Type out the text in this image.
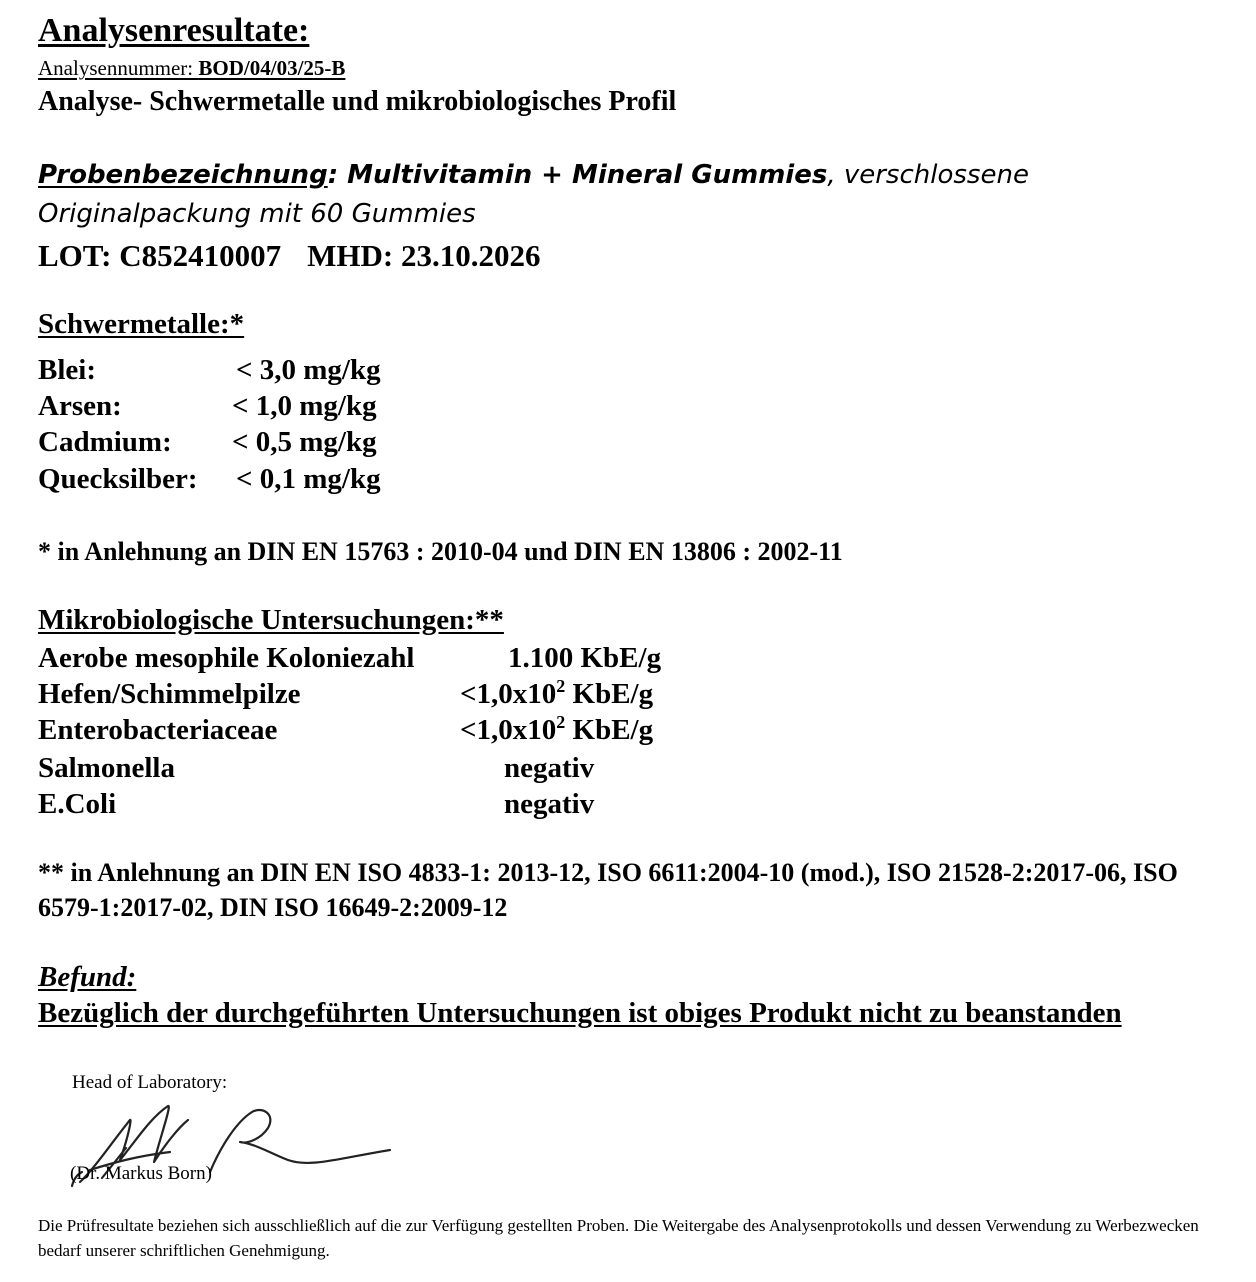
Analysenresultate:
Analysennummer: BOD/04/03/25-B
Analyse- Schwermetalle und mikrobiologisches Profil
Probenbezeichnung: Multivitamin + Mineral Gummies, verschlossene Originalpackung mit 60 Gummies
LOT: C852410007 MHD: 23.10.2026
Schwermetalle:*
Blei:	< 3,0 mg/kg
Arsen:	< 1,0 mg/kg
Cadmium: < 0,5 mg/kg
Quecksilber: < 0,1 mg/kg
* in Anlehnung an DIN EN 15763 : 2010-04 und DIN EN 13806 : 2002-11
Mikrobiologische Untersuchungen:**
Aerobe mesophile Koloniezahl	1.100 KbE/g
Hefen/Schimmelpilze	$<1,0x10^2$ KbE/g
Enterobacteriaceae	$<1,0x10^2$ KbE/g
Salmonella	negativ
E.Coli	negativ
** in Anlehnung an DIN EN ISO 4833-1: 2013-12, ISO 6611:2004-10 (mod.), ISO 21528-2:2017-06, ISO 6579-1:2017-02, DIN ISO 16649-2:2009-12
Befund:
Bezüglich der durchgeführten Untersuchungen ist obiges Produkt nicht zu beanstanden
Head of Laboratory:
(Dr. Markus Born)
Die Prüfresultate beziehen sich ausschließlich auf die zur Verfügung gestellten Proben. Die Weitergabe des Analysenprotokolls und dessen Verwendung zu Werbezwecken bedarf unserer schriftlichen Genehmigung.
